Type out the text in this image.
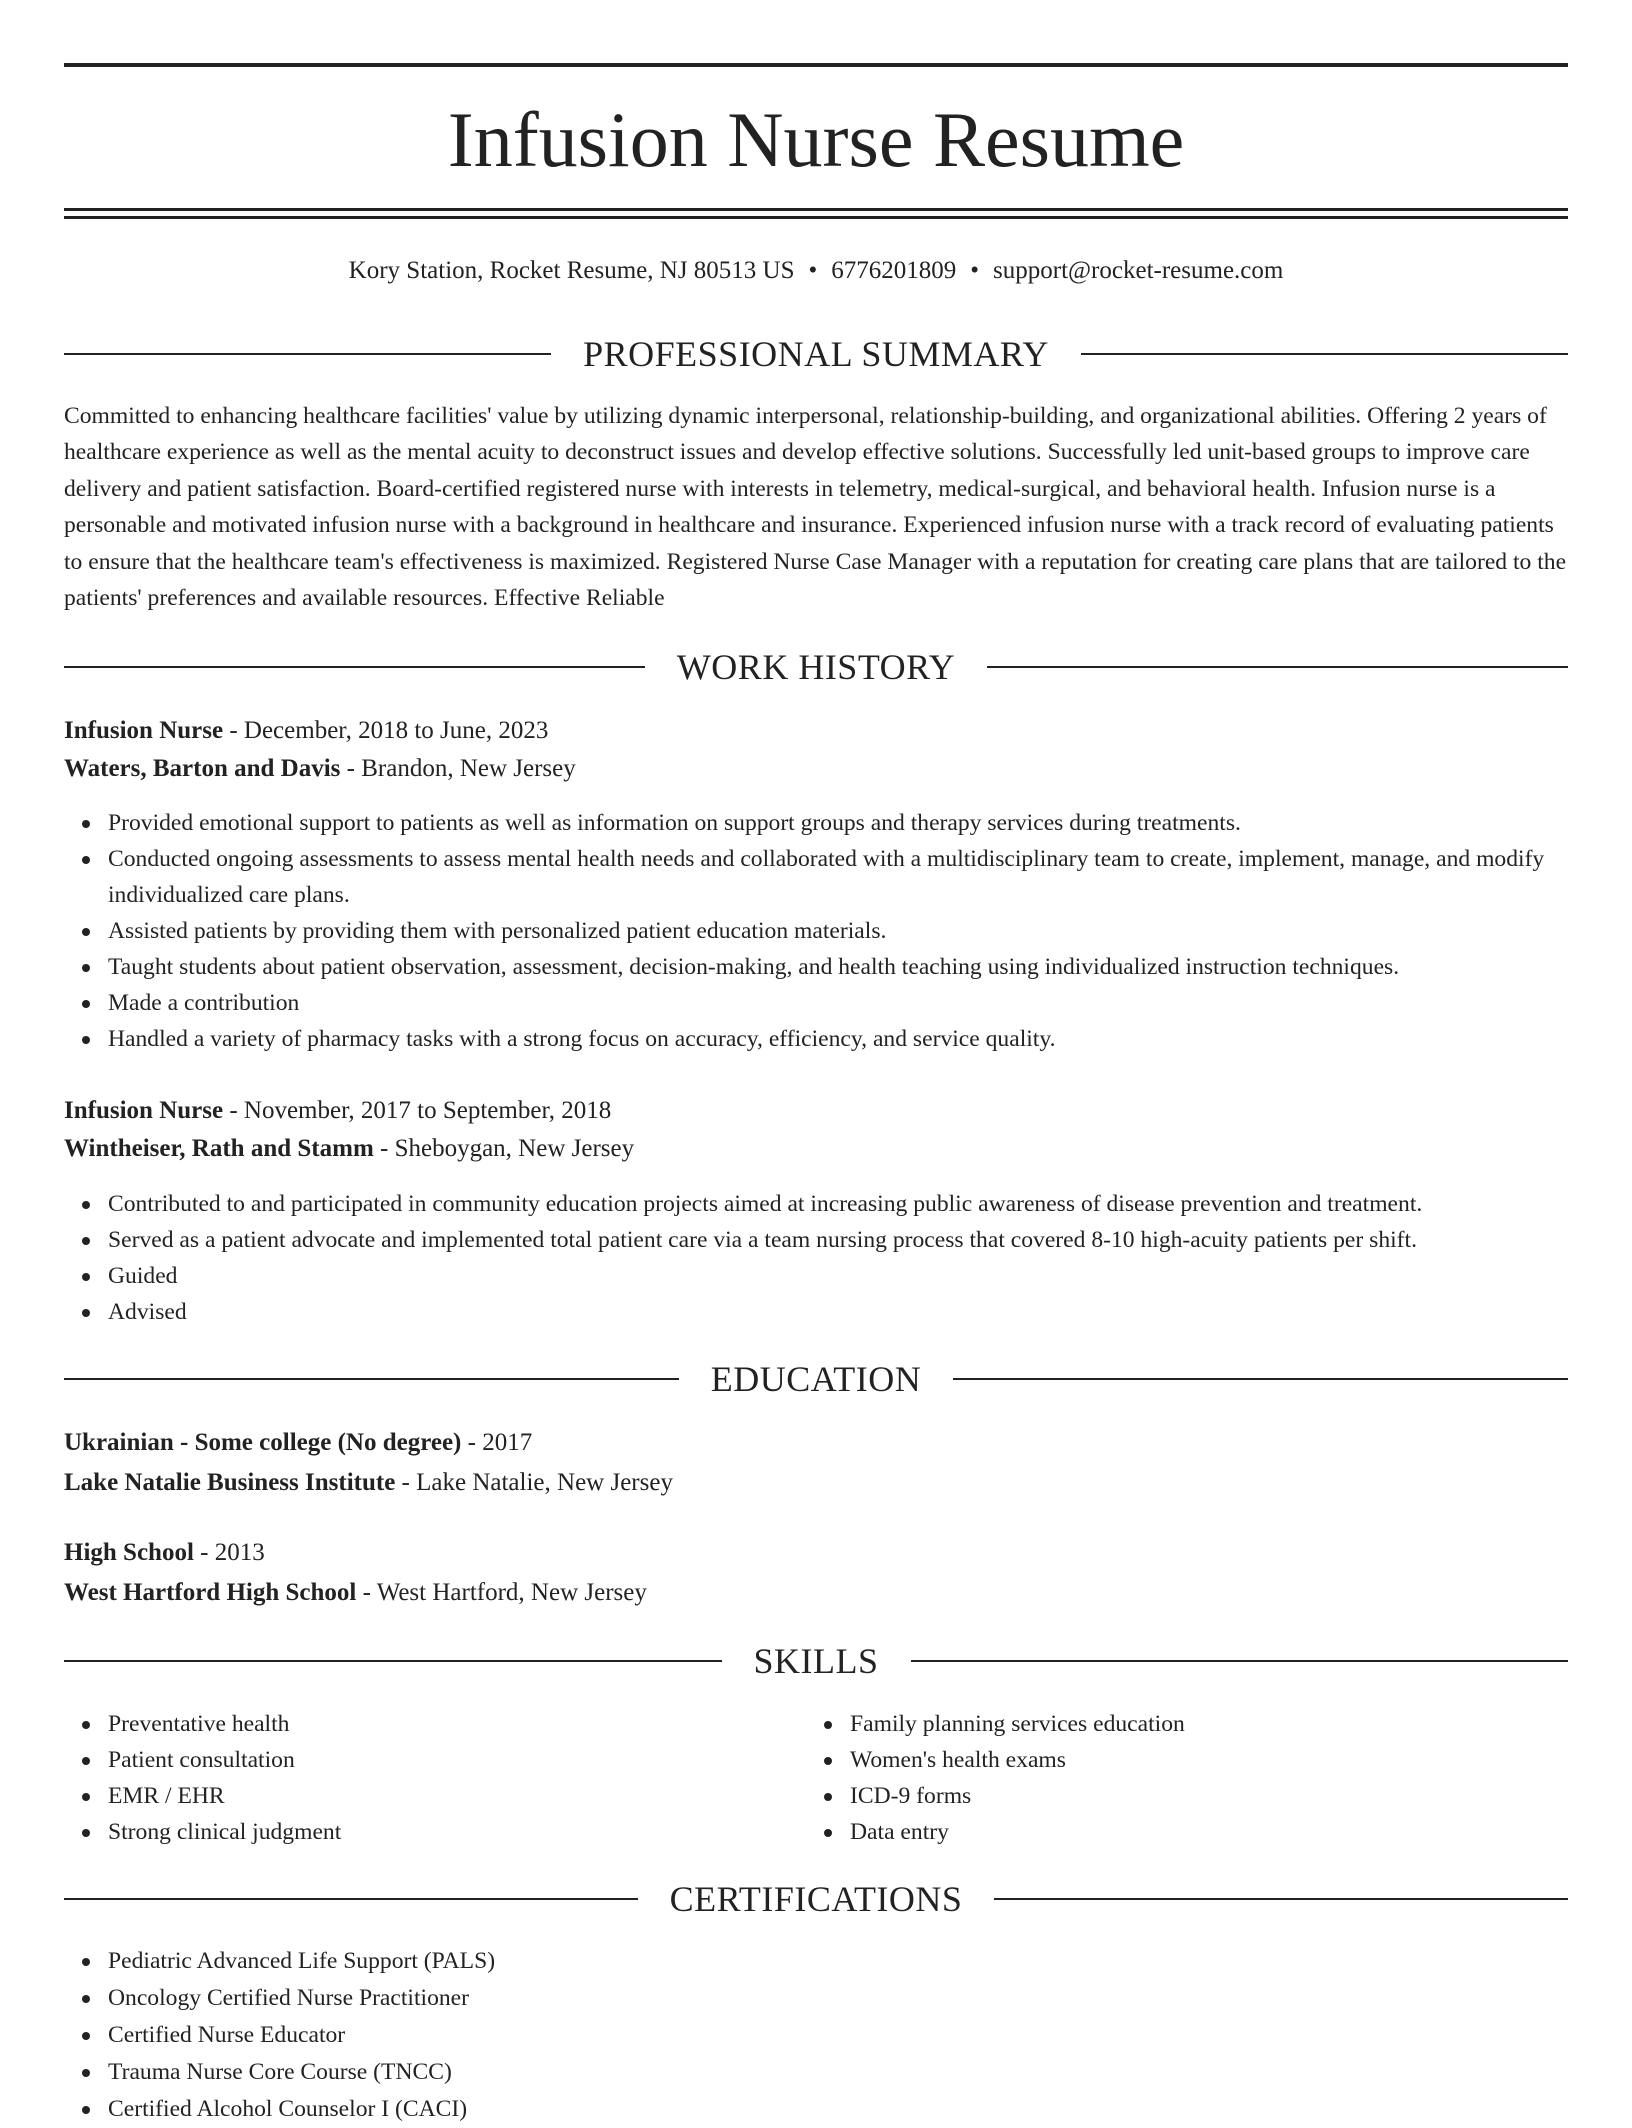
Infusion Nurse Resume
Kory Station, Rocket Resume, NJ 80513 US • 6776201809 • support@rocket-resume.com
PROFESSIONAL SUMMARY

Committed to enhancing healthcare facilities' value by utilizing dynamic interpersonal, relationship-building, and organizational abilities. Offering 2 years of healthcare experience as well as the mental acuity to deconstruct issues and develop effective solutions. Successfully led unit-based groups to improve care delivery and patient satisfaction. Board-certified registered nurse with interests in telemetry, medical-surgical, and behavioral health. Infusion nurse is a personable and motivated infusion nurse with a background in healthcare and insurance. Experienced infusion nurse with a track record of evaluating patients to ensure that the healthcare team's effectiveness is maximized. Registered Nurse Case Manager with a reputation for creating care plans that are tailored to the patients' preferences and available resources. Effective Reliable

WORK HISTORY
Infusion Nurse - December, 2018 to June, 2023
Waters, Barton and Davis - Brandon, New Jersey
Provided emotional support to patients as well as information on support groups and therapy services during treatments.
Conducted ongoing assessments to assess mental health needs and collaborated with a multidisciplinary team to create, implement, manage, and modify individualized care plans.
Assisted patients by providing them with personalized patient education materials.
Taught students about patient observation, assessment, decision-making, and health teaching using individualized instruction techniques.
Made a contribution
Handled a variety of pharmacy tasks with a strong focus on accuracy, efficiency, and service quality.
Infusion Nurse - November, 2017 to September, 2018
Wintheiser, Rath and Stamm - Sheboygan, New Jersey
Contributed to and participated in community education projects aimed at increasing public awareness of disease prevention and treatment.
Served as a patient advocate and implemented total patient care via a team nursing process that covered 8-10 high-acuity patients per shift.
Guided
Advised
EDUCATION
Ukrainian - Some college (No degree) - 2017
Lake Natalie Business Institute - Lake Natalie, New Jersey
High School - 2013
West Hartford High School - West Hartford, New Jersey
SKILLS
Preventative health
Patient consultation
EMR / EHR
Strong clinical judgment
Family planning services education
Women's health exams
ICD-9 forms
Data entry
CERTIFICATIONS
Pediatric Advanced Life Support (PALS)
Oncology Certified Nurse Practitioner
Certified Nurse Educator
Trauma Nurse Core Course (TNCC)
Certified Alcohol Counselor I (CACI)
